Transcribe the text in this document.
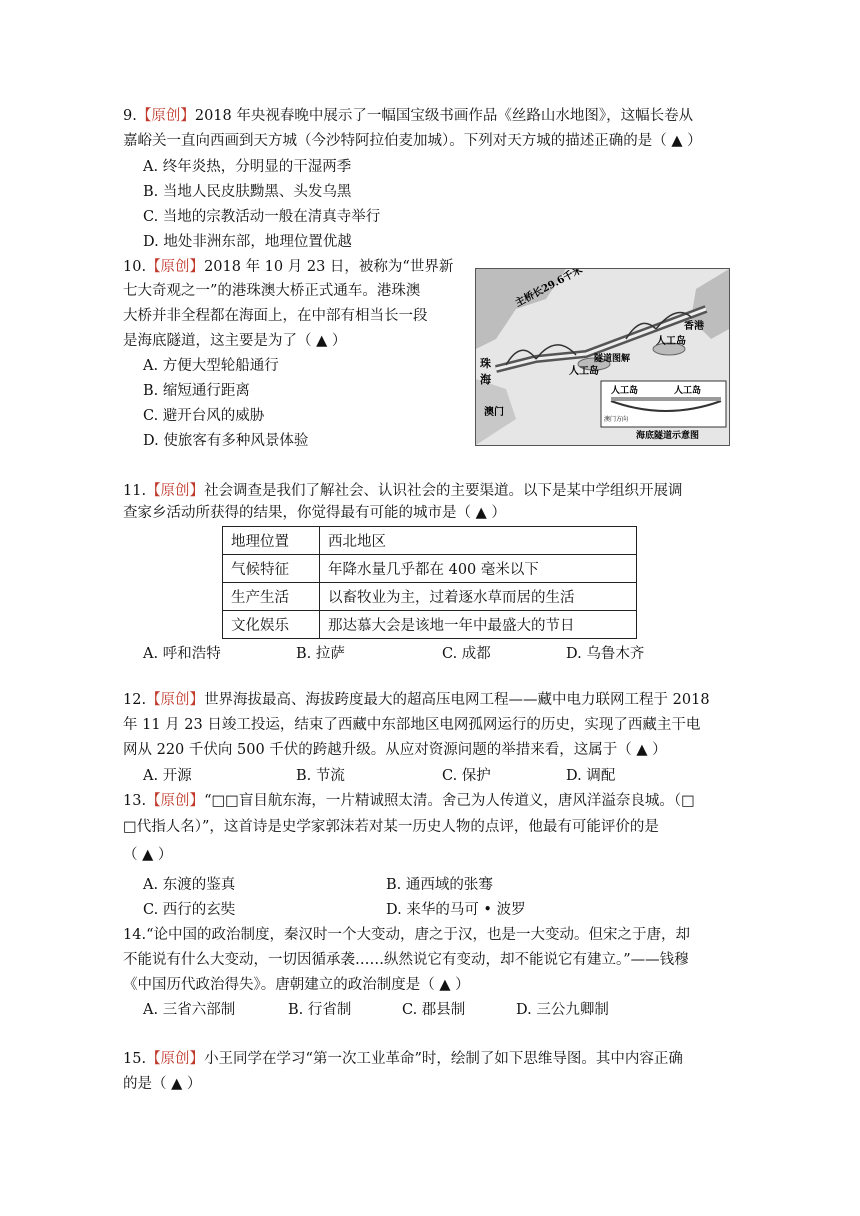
9.【原创】2018 年央视春晚中展示了一幅国宝级书画作品《丝路山水地图》，这幅长卷从
嘉峪关一直向西画到天方城（今沙特阿拉伯麦加城）。下列对天方城的描述正确的是（ ▲ ）
A. 终年炎热，分明显的干湿两季
B. 当地人民皮肤黝黑、头发乌黑
C. 当地的宗教活动一般在清真寺举行
D. 地处非洲东部，地理位置优越
10.【原创】2018 年 10 月 23 日，被称为“世界新
七大奇观之一”的港珠澳大桥正式通车。港珠澳
大桥并非全程都在海面上，在中部有相当长一段
是海底隧道，这主要是为了（ ▲ ）
A. 方便大型轮船通行
B. 缩短通行距离
C. 避开台风的威胁
D. 使旅客有多种风景体验
主桥长29.6千米
香港
珠
海
澳门
人工岛
人工岛
隧道图解
人工岛	人工岛
澳门方向
海底隧道示意图
11.【原创】社会调查是我们了解社会、认识社会的主要渠道。以下是某中学组织开展调
查家乡活动所获得的结果，你觉得最有可能的城市是（ ▲ ）
地理位置	西北地区
气候特征	年降水量几乎都在 400 毫米以下
生产生活	以畜牧业为主，过着逐水草而居的生活
文化娱乐	那达慕大会是该地一年中最盛大的节日
A. 呼和浩特	B. 拉萨	C. 成都	D. 乌鲁木齐
12.【原创】世界海拔最高、海拔跨度最大的超高压电网工程——藏中电力联网工程于 2018
年 11 月 23 日竣工投运，结束了西藏中东部地区电网孤网运行的历史，实现了西藏主干电
网从 220 千伏向 500 千伏的跨越升级。从应对资源问题的举措来看，这属于（ ▲ ）
A. 开源	B. 节流	C. 保护	D. 调配
13.【原创】“□□盲目航东海，一片精诚照太清。舍己为人传道义，唐风洋溢奈良城。（□
□代指人名）”，这首诗是史学家郭沫若对某一历史人物的点评，他最有可能评价的是
（ ▲ ）
A. 东渡的鉴真	B. 通西域的张骞
C. 西行的玄奘	D. 来华的马可 • 波罗
14.“论中国的政治制度，秦汉时一个大变动，唐之于汉，也是一大变动。但宋之于唐，却
不能说有什么大变动，一切因循承袭……纵然说它有变动，却不能说它有建立。”——钱穆
《中国历代政治得失》。唐朝建立的政治制度是（ ▲ ）
A. 三省六部制	B. 行省制	C. 郡县制	D. 三公九卿制
15.【原创】小王同学在学习“第一次工业革命”时，绘制了如下思维导图。其中内容正确
的是（ ▲ ）
